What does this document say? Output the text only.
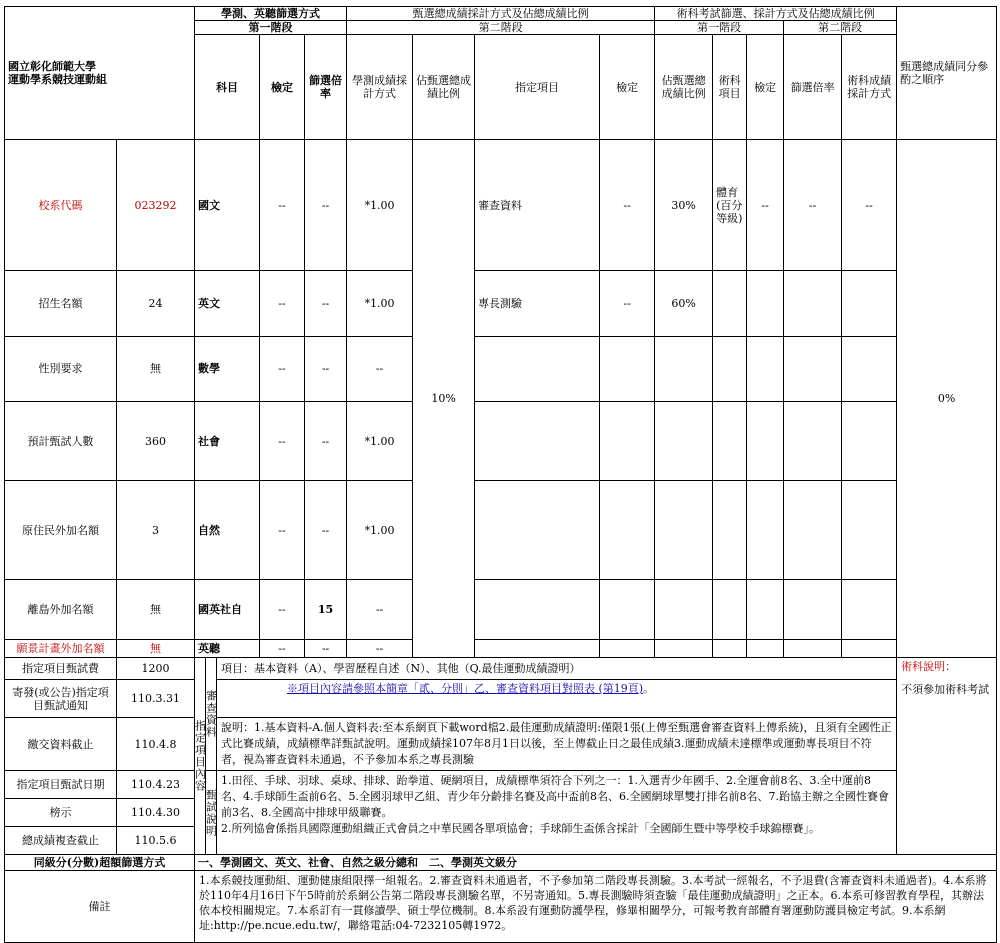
國立彰化師範大學
運動學系競技運動組		學測、英聽篩選方式					甄選總成績採計方式及佔總成績比例				術科考試篩選、採計方式及佔總成績比例					甄選總成績同分參酌之順序	
		第一階段					第二階段				第一階段			第二階段			
		科目			檢定	篩選倍率	學測成績採計方式	佔甄選總成績比例	指定項目	檢定	佔甄選總成績比例	術科項目	檢定	篩選倍率	術科成績採計方式	
校系代碼	023292	國文			--	--	*1.00	10%	審查資料	--	30%	體育(百分等級)	--	--	--	0%	

招生名額	24	英文			--	--	*1.00		專長測驗	--	60%						
性別要求	無	數學			--	--	--										
預計甄試人數	360	社會			--	--	*1.00										
原住民外加名額	3	自然			--	--	*1.00								

離島外加名額	無	國英社自			--	15	--										
願景計畫外加名額	無	英聽			--	--	--										
指定項目甄試費	1200	指定項目內容	審查資料	項目：基本資料（A）、學習歷程自述（N）、其他（Q.最佳運動成績證明）												術科說明：
不須參加術科考試	

寄發(或公告)指定項目甄試通知	110.3.31			※項目內容請參照本簡章「貳、分則」乙、審查資料項目對照表 (第19頁)。													
繳交資料截止	110.4.8			說明：1.基本資料-A.個人資料表:至本系網頁下載word檔2.最佳運動成績證明:僅限1張(上傳至甄選會審查資料上傳系統)，且須有全國性正式比賽成績，成績標準詳甄試說明。運動成績採107年8月1日以後，至上傳截止日之最佳成績3.運動成績未達標準或運動專長項目不符者，視為審查資料未通過，不予參加本系之專長測驗													
指定項目甄試日期	110.4.23		甄試說明	1.田徑、手球、羽球、桌球、排球、跆拳道、硬網項目，成績標準須符合下列之一：1.入選青少年國手、2.全運會前8名、3.全中運前8名、4.手球師生盃前6名、5.全國羽球甲乙組、青少年分齡排名賽及高中盃前8名、6.全國網球單雙打排名前8名、7.跆協主辦之全國性賽會前3名、8.全國高中排球甲級聯賽。
2.所列協會係指具國際運動組織正式會員之中華民國各單項協會；手球師生盃係含採計「全國師生暨中等學校手球錦標賽」。													

榜示	110.4.30																
總成績複查截止	110.5.6																
同級分(分數)超額篩選方式		一、學測國文、英文、社會、自然之級分總和　二、學測英文級分															
備註		1.本系競技運動組、運動健康組限擇一組報名。2.審查資料未通過者，不予參加第二階段專長測驗。3.本考試一經報名，不予退費(含審查資料未通過者)。4.本系將於110年4月16日下午5時前於系網公告第二階段專長測驗名單，不另寄通知。5.專長測驗時須查驗「最佳運動成績證明」之正本。6.本系可修習教育學程，其辦法依本校相關規定。7.本系訂有一貫修讀學、碩士學位機制。8.本系設有運動防護學程，修畢相關學分，可報考教育部體育署運動防護員檢定考試。9.本系網址:http://pe.ncue.edu.tw/，聯絡電話:04-7232105轉1972。															
